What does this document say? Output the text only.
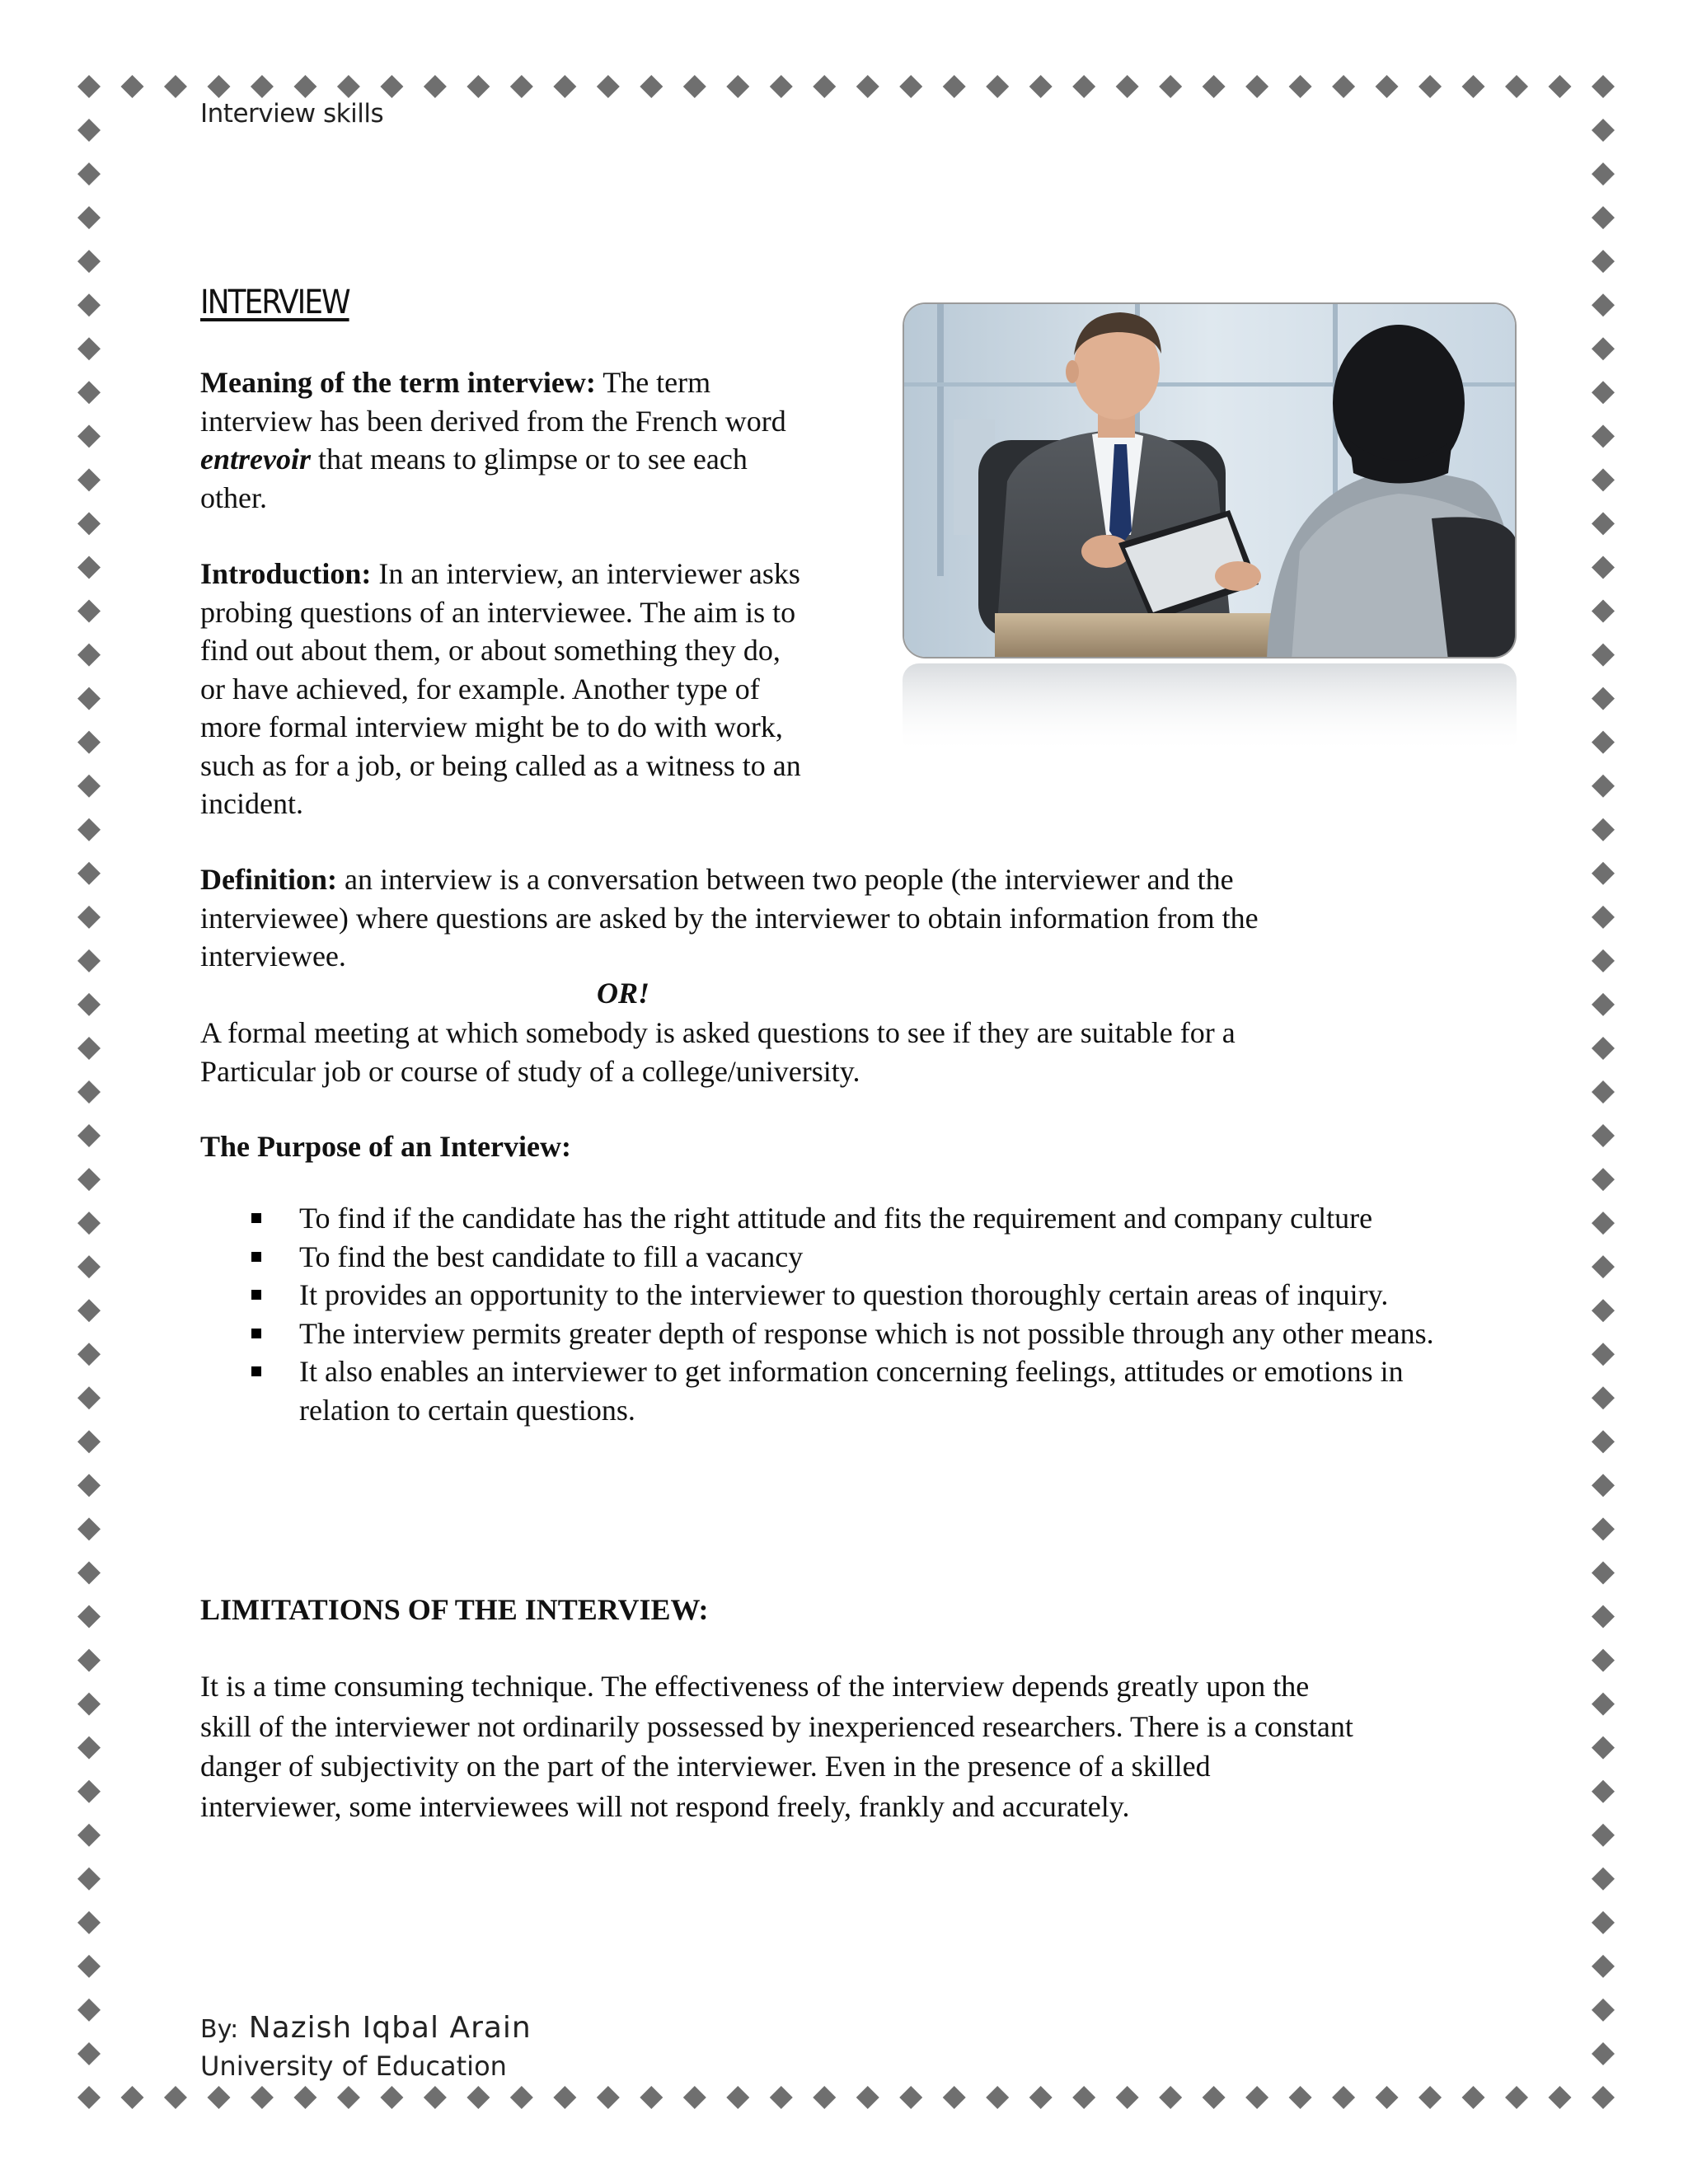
Interview skills
INTERVIEW
Meaning of the term interview: The term
interview has been derived from the French word
entrevoir that means to glimpse or to see each
other.
Introduction: In an interview, an interviewer asks
probing questions of an interviewee. The aim is to
find out about them, or about something they do,
or have achieved, for example. Another type of
more formal interview might be to do with work,
such as for a job, or being called as a witness to an
incident.
Definition: an interview is a conversation between two people (the interviewer and the
interviewee) where questions are asked by the interviewer to obtain information from the
interviewee.
OR!
A formal meeting at which somebody is asked questions to see if they are suitable for a
Particular job or course of study of a college/university.
The Purpose of an Interview:
To find if the candidate has the right attitude and fits the requirement and company culture
To find the best candidate to fill a vacancy
It provides an opportunity to the interviewer to question thoroughly certain areas of inquiry.
The interview permits greater depth of response which is not possible through any other means.
It also enables an interviewer to get information concerning feelings, attitudes or emotions in relation to certain questions.
LIMITATIONS OF THE INTERVIEW:
It is a time consuming technique. The effectiveness of the interview depends greatly upon the
skill of the interviewer not ordinarily possessed by inexperienced researchers. There is a constant
danger of subjectivity on the part of the interviewer. Even in the presence of a skilled
interviewer, some interviewees will not respond freely, frankly and accurately.
By: Nazish Iqbal Arain
University of Education
